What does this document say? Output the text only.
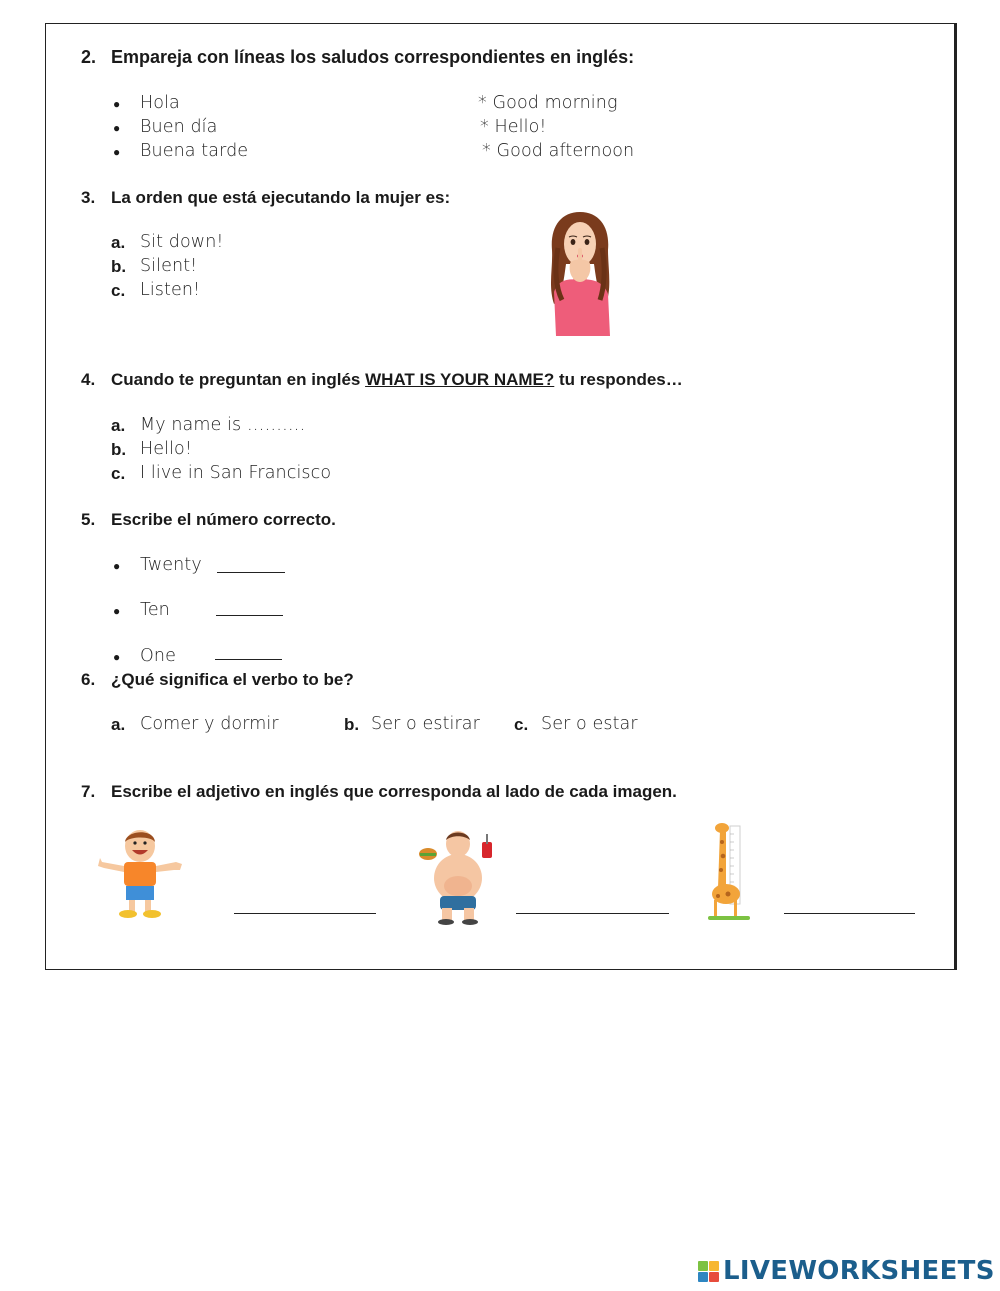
2. Empareja con líneas los saludos correspondientes en inglés:
● Hola
● Buen día
● Buena tarde
* Good morning
* Hello!
* Good afternoon
3. La orden que está ejecutando la mujer es:
a. Sit down!
b. Silent!
c. Listen!
4. Cuando te preguntan en inglés WHAT IS YOUR NAME? tu respondes…
a. My name is ……….
b. Hello!
c. I live in San Francisco
5. Escribe el número correcto.
● Twenty
● Ten
● One
6. ¿Qué significa el verbo to be?
a. Comer y dormir	b. Ser o estirar c. Ser o estar
7. Escribe el adjetivo en inglés que corresponda al lado de cada imagen.
LIVEWORKSHEETS
